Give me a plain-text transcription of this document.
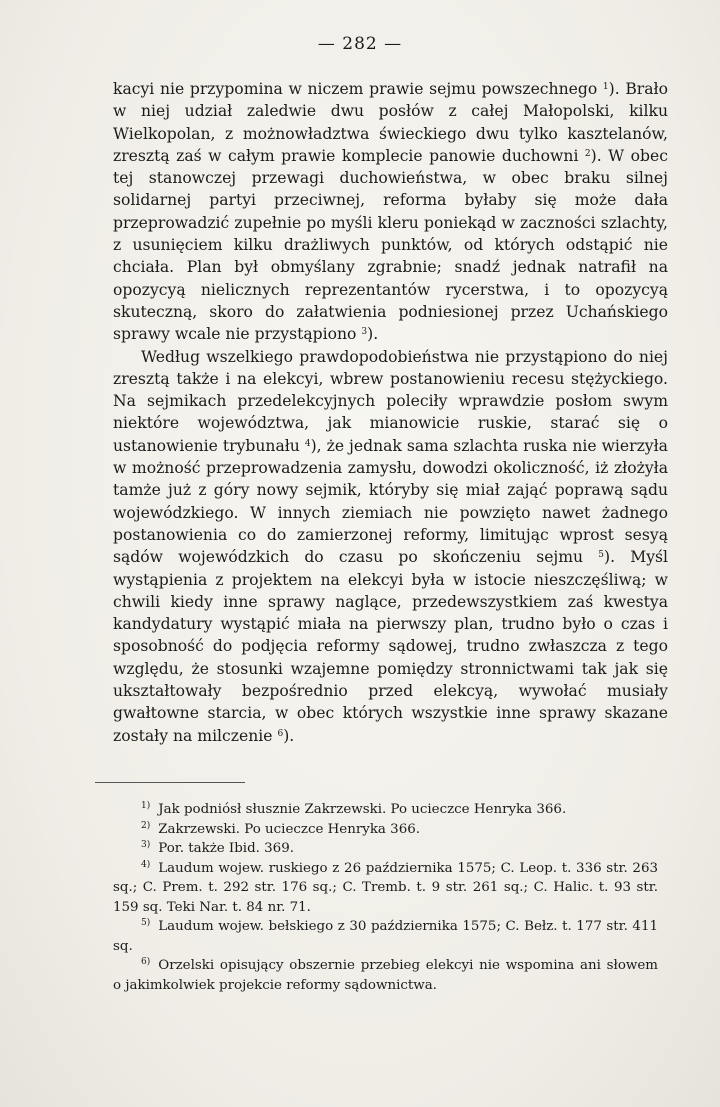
— 282 —

kacyi nie przypomina w niczem prawie sejmu powszechnego $^1$). Brało w niej udział zaledwie dwu posłów z całej Małopolski, kilku Wielkopolan, z możnowładztwa świeckiego dwu tylko kasztelanów, zresztą zaś w całym prawie komplecie panowie duchowni $^2$). W obec tej stanowczej przewagi duchowieństwa, w obec braku silnej solidarnej partyi przeciwnej, reforma byłaby się może dała przeprowadzić zupełnie po myśli kleru poniekąd w zaczności szlachty, z usunięciem kilku drażliwych punktów, od których odstąpić nie chciała. Plan był obmyślany zgrabnie; snadź jednak natrafił na opozycyą nielicznych reprezentantów rycerstwa, i to opozycyą skuteczną, skoro do załatwienia podniesionej przez Uchańskiego sprawy wcale nie przystąpiono $^3$).

Według wszelkiego prawdopodobieństwa nie przystąpiono do niej zresztą także i na elekcyi, wbrew postanowieniu recesu stężyckiego. Na sejmikach przedelekcyjnych poleciły wprawdzie posłom swym niektóre województwa, jak mianowicie ruskie, starać się o ustanowienie trybunału $^4$), że jednak sama szlachta ruska nie wierzyła w możność przeprowadzenia zamysłu, dowodzi okoliczność, iż złożyła tamże już z góry nowy sejmik, któryby się miał zająć poprawą sądu wojewódzkiego. W innych ziemiach nie powzięto nawet żadnego postanowienia co do zamierzonej reformy, limitując wprost sesyą sądów wojewódzkich do czasu po skończeniu sejmu $^5$). Myśl wystąpienia z projektem na elekcyi była w istocie nieszczęśliwą; w chwili kiedy inne sprawy naglące, przedewszystkiem zaś kwestya kandydatury wystąpić miała na pierwszy plan, trudno było o czas i sposobność do podjęcia reformy sądowej, trudno zwłaszcza z tego względu, że stosunki wzajemne pomiędzy stronnictwami tak jak się ukształtowały bezpośrednio przed elekcyą, wywołać musiały gwałtowne starcia, w obec których wszystkie inne sprawy skazane zostały na milczenie $^6$).

$^{1)}$ Jak podniósł słusznie Zakrzewski. Po ucieczce Henryka 366.

$^{2)}$ Zakrzewski. Po ucieczce Henryka 366.

$^{3)}$ Por. także Ibid. 369.

$^{4)}$ Laudum wojew. ruskiego z 26 października 1575; C. Leop. t. 336 str. 263 sq.; C. Prem. t. 292 str. 176 sq.; C. Tremb. t. 9 str. 261 sq.; C. Halic. t. 93 str. 159 sq. Teki Nar. t. 84 nr. 71.

$^{5)}$ Laudum wojew. bełskiego z 30 października 1575; C. Bełz. t. 177 str. 411 sq.

$^{6)}$ Orzelski opisujący obszernie przebieg elekcyi nie wspomina ani słowem o jakimkolwiek projekcie reformy sądownictwa.
